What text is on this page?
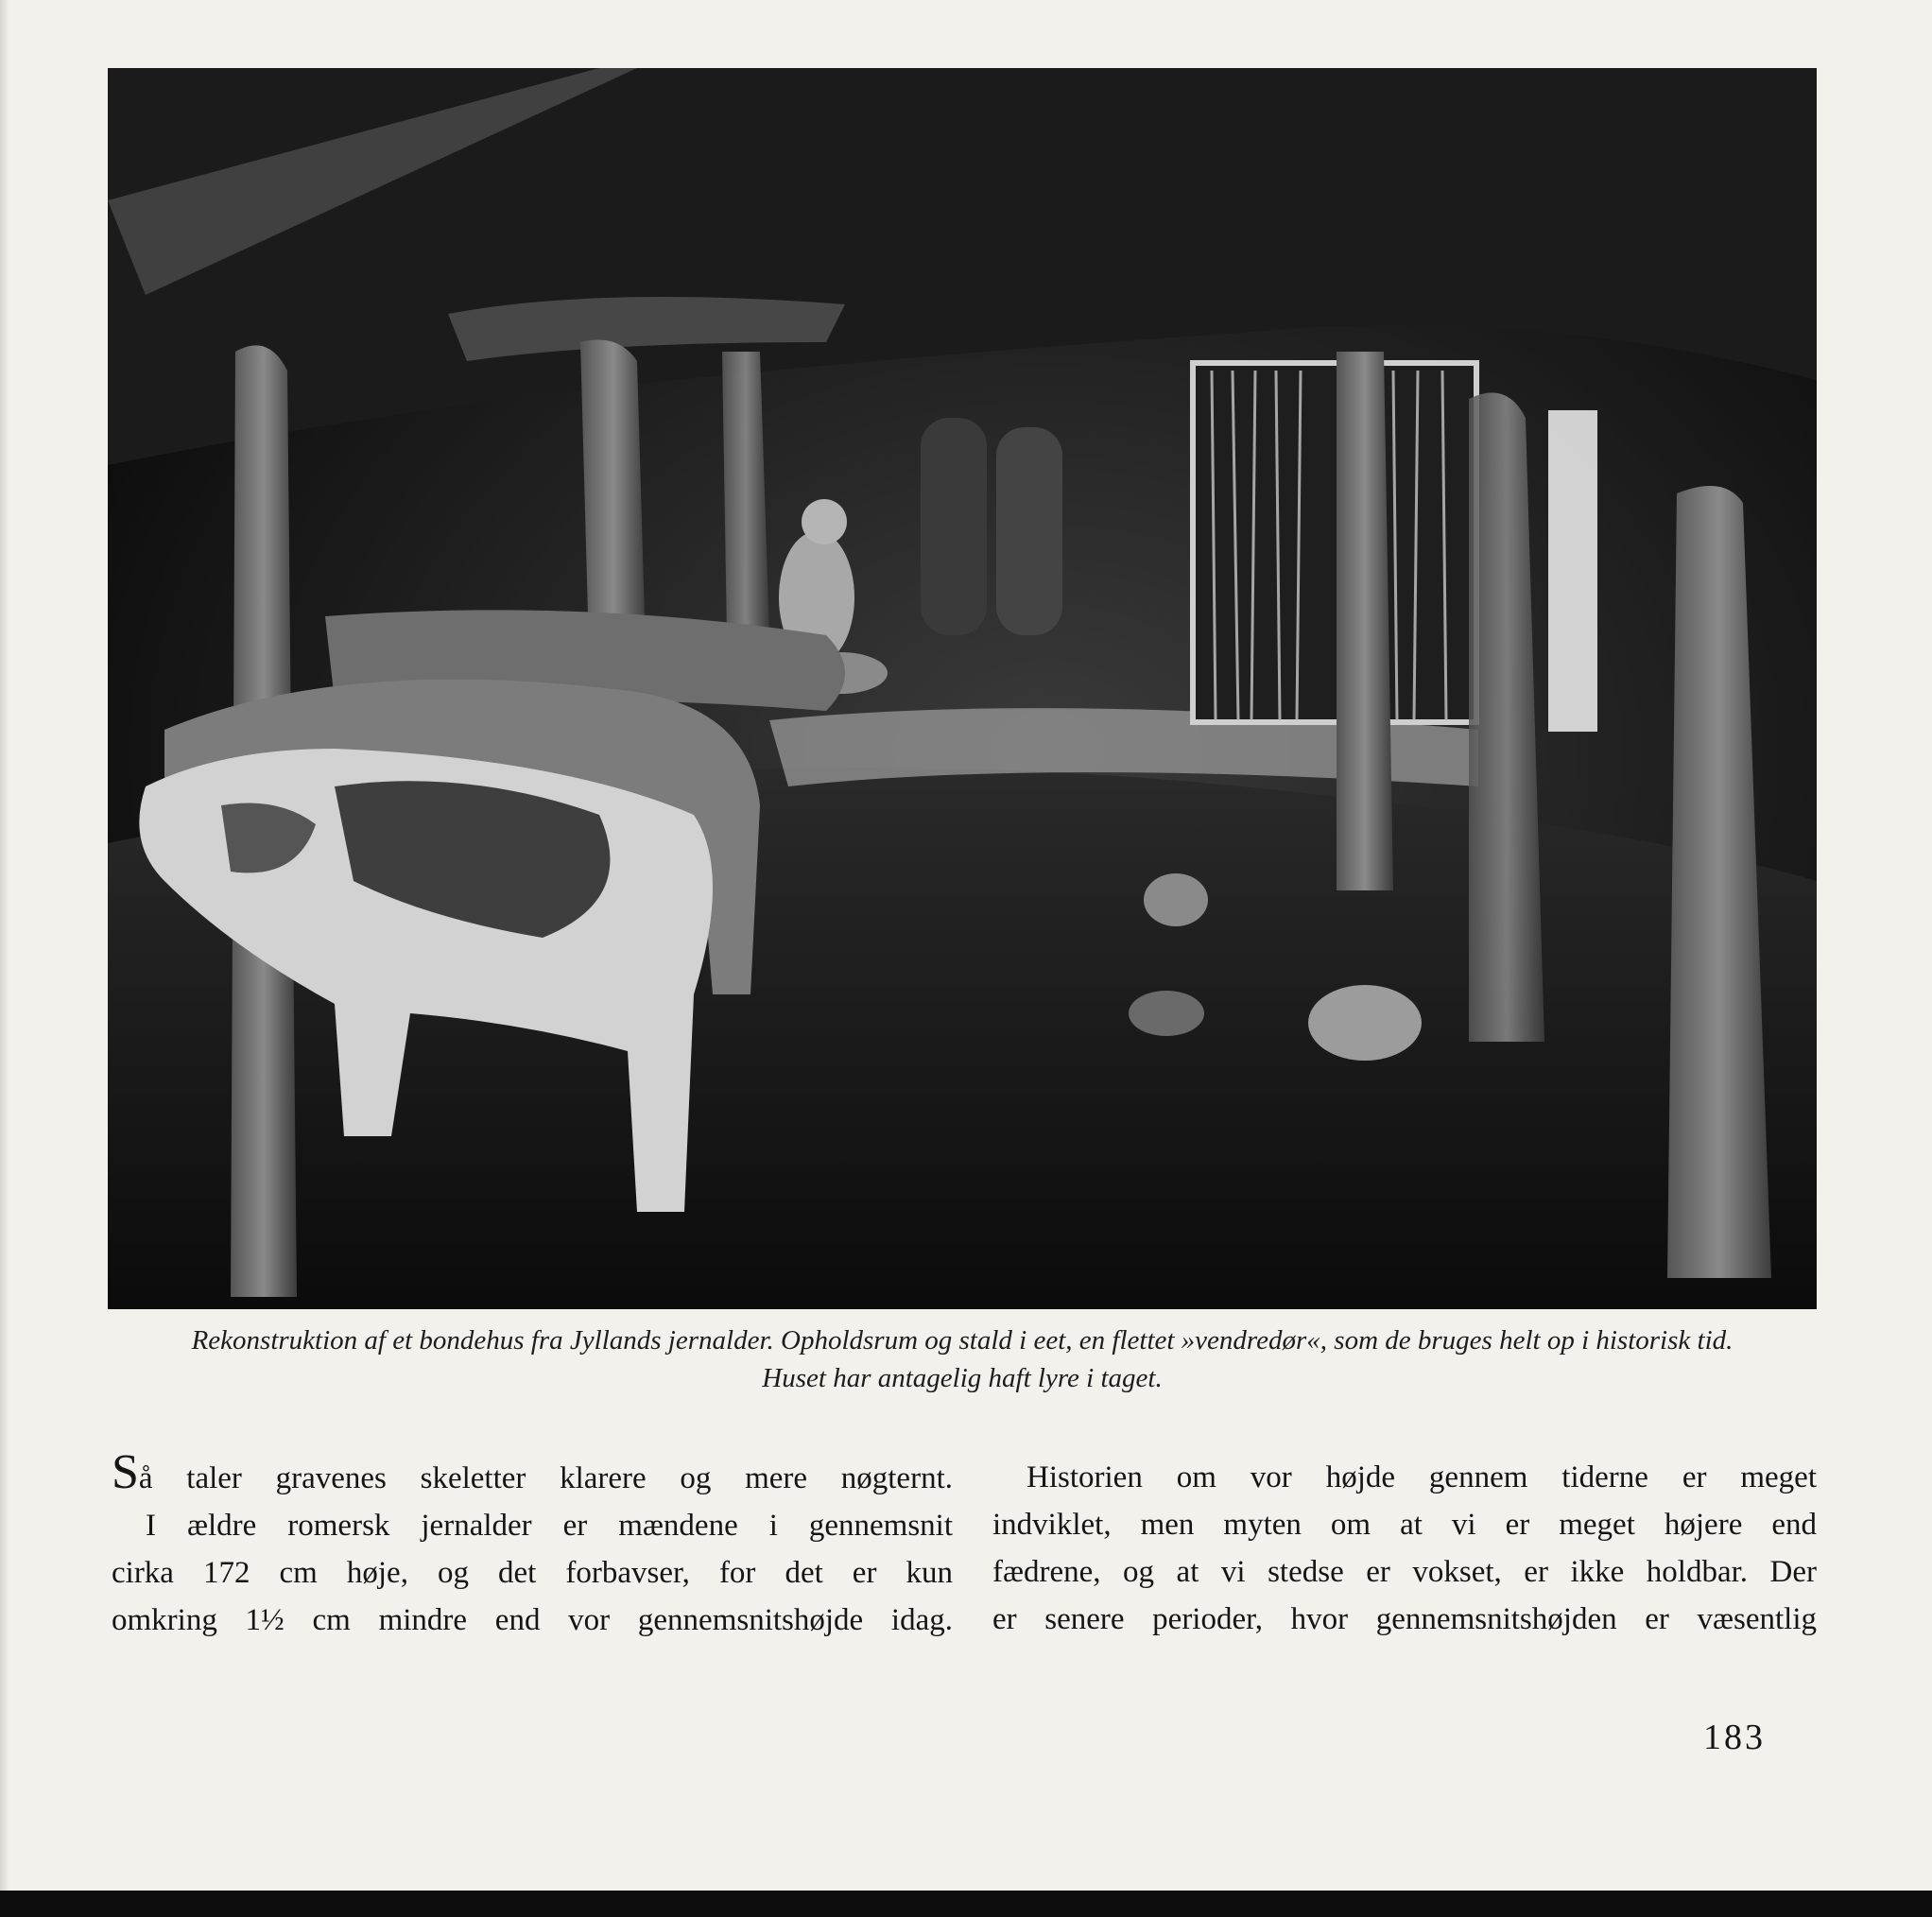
Rekonstruktion af et bondehus fra Jyllands jernalder. Opholdsrum og stald i eet, en flettet »vendredør«, som de bruges helt op i historisk tid.
Huset har antagelig haft lyre i taget.
Så taler gravenes skeletter klarere og mere nøgternt.
I ældre romersk jernalder er mændene i gennemsnit
cirka 172 cm høje, og det forbavser, for det er kun
omkring 1½ cm mindre end vor gennemsnitshøjde idag.
Historien om vor højde gennem tiderne er meget
indviklet, men myten om at vi er meget højere end
fædrene, og at vi stedse er vokset, er ikke holdbar. Der
er senere perioder, hvor gennemsnitshøjden er væsentlig
183
